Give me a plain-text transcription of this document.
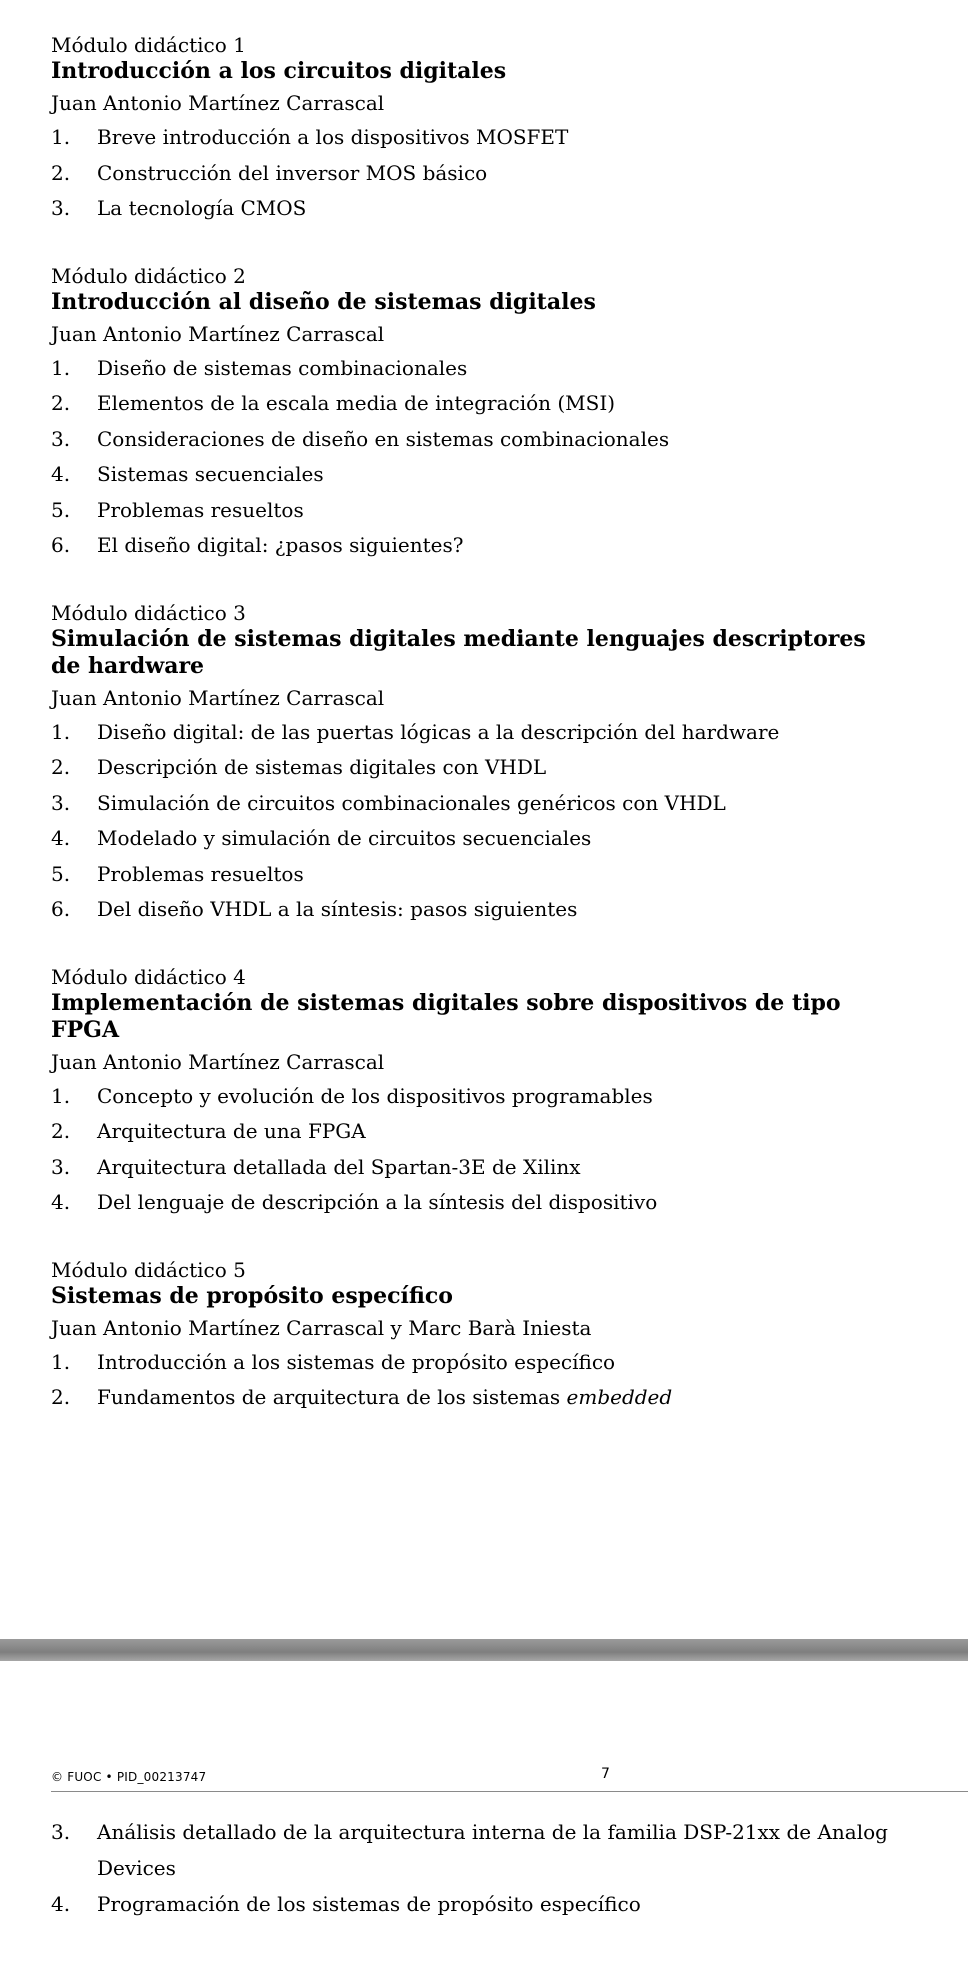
Módulo didáctico 1
Introducción a los circuitos digitales
Juan Antonio Martínez Carrascal
1. Breve introducción a los dispositivos MOSFET
2. Construcción del inversor MOS básico
3. La tecnología CMOS
Módulo didáctico 2
Introducción al diseño de sistemas digitales
Juan Antonio Martínez Carrascal
1. Diseño de sistemas combinacionales
2. Elementos de la escala media de integración (MSI)
3. Consideraciones de diseño en sistemas combinacionales
4. Sistemas secuenciales
5. Problemas resueltos
6. El diseño digital: ¿pasos siguientes?
Módulo didáctico 3
Simulación de sistemas digitales mediante lenguajes descriptores de hardware
Juan Antonio Martínez Carrascal
1. Diseño digital: de las puertas lógicas a la descripción del hardware
2. Descripción de sistemas digitales con VHDL
3. Simulación de circuitos combinacionales genéricos con VHDL
4. Modelado y simulación de circuitos secuenciales
5. Problemas resueltos
6. Del diseño VHDL a la síntesis: pasos siguientes
Módulo didáctico 4
Implementación de sistemas digitales sobre dispositivos de tipo FPGA
Juan Antonio Martínez Carrascal
1. Concepto y evolución de los dispositivos programables
2. Arquitectura de una FPGA
3. Arquitectura detallada del Spartan-3E de Xilinx
4. Del lenguaje de descripción a la síntesis del dispositivo
Módulo didáctico 5
Sistemas de propósito específico
Juan Antonio Martínez Carrascal y Marc Barà Iniesta
1. Introducción a los sistemas de propósito específico
2. Fundamentos de arquitectura de los sistemas embedded
© FUOC • PID_00213747	7
3. Análisis detallado de la arquitectura interna de la familia DSP-21xx de Analog Devices
4. Programación de los sistemas de propósito específico
